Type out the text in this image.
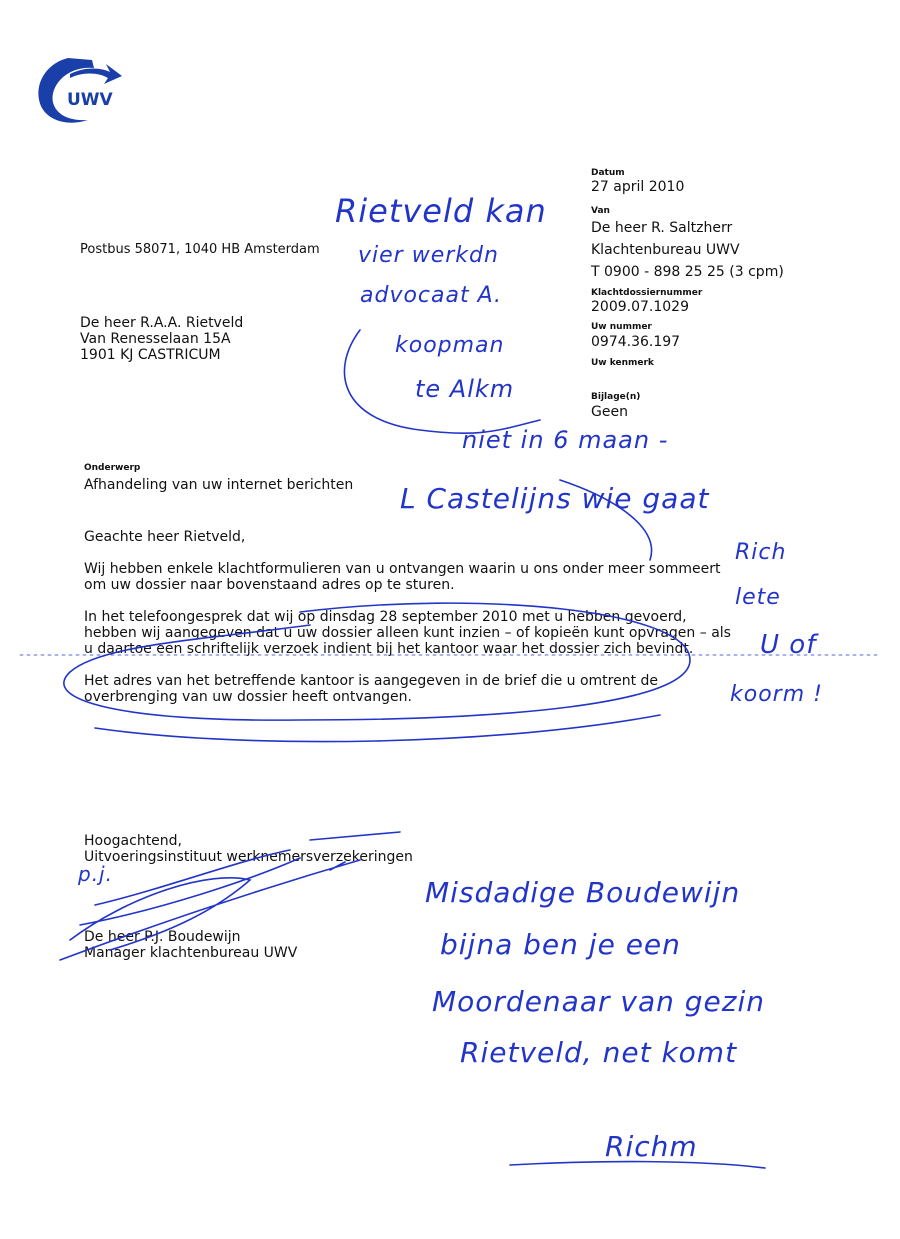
UWV
Datum
27 april 2010
Van
De heer R. Saltzherr
Klachtenbureau UWV
T 0900 - 898 25 25 (3 cpm)
Klachtdossiernummer
2009.07.1029
Uw nummer
0974.36.197
Uw kenmerk
Bijlage(n)
Geen
Postbus 58071, 1040 HB Amsterdam
De heer R.A.A. Rietveld
Van Renesselaan 15A
1901 KJ CASTRICUM
Onderwerp
Afhandeling van uw internet berichten
Geachte heer Rietveld,
Wij hebben enkele klachtformulieren van u ontvangen waarin u ons onder meer sommeert
om uw dossier naar bovenstaand adres op te sturen.
In het telefoongesprek dat wij op dinsdag 28 september 2010 met u hebben gevoerd,
hebben wij aangegeven dat u uw dossier alleen kunt inzien – of kopieën kunt opvragen – als
u daartoe een schriftelijk verzoek indient bij het kantoor waar het dossier zich bevindt.
Het adres van het betreffende kantoor is aangegeven in de brief die u omtrent de
overbrenging van uw dossier heeft ontvangen.
Hoogachtend,
Uitvoeringsinstituut werknemersverzekeringen
De heer P.J. Boudewijn
Manager klachtenbureau UWV
Rietveld kan
vier werkdn
advocaat A.
koopman
te Alkm
niet in 6 maan -
L Castelijns wie gaat
Rich
lete
U of
koorm !
p.j.
Misdadige Boudewijn
bijna ben je een
Moordenaar van gezin
Rietveld, net komt
Richm
